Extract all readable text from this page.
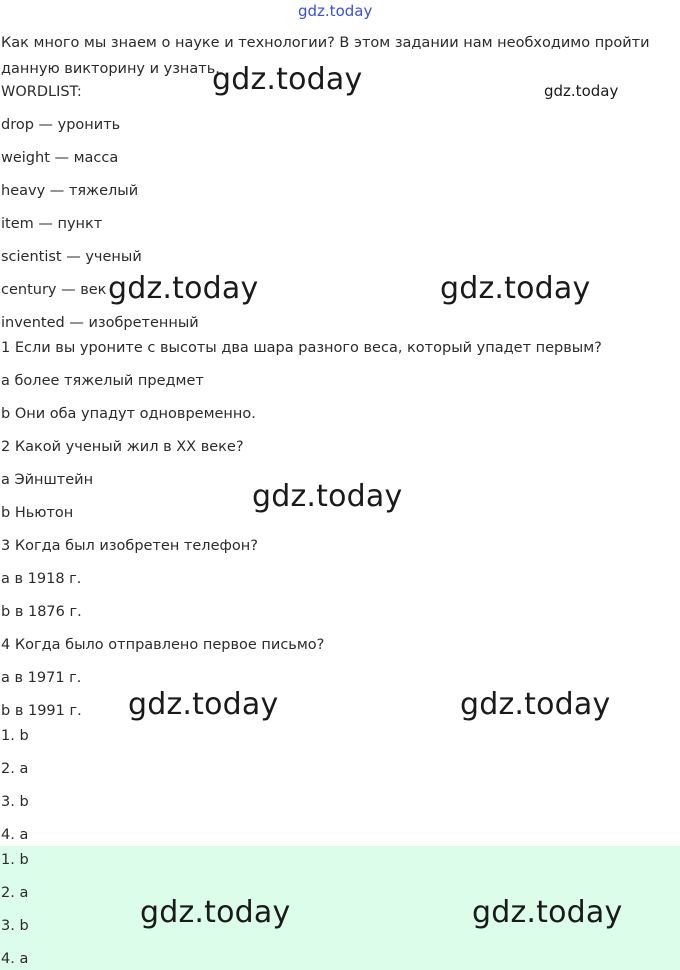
gdz.today
Как много мы знаем о науке и технологии? В этом задании нам необходимо пройти данную викторину и узнать.
WORDLIST:
drop — уронить
weight — масса
heavy — тяжелый
item — пункт
scientist — ученый
century — век
invented — изобретенный
1 Если вы уроните с высоты два шара разного веса, который упадет первым?
a более тяжелый предмет
b Они оба упадут одновременно.
2 Какой ученый жил в XX веке?
a Эйнштейн
b Ньютон
3 Когда был изобретен телефон?
a в 1918 г.
b в 1876 г.
4 Когда было отправлено первое письмо?
a в 1971 г.
b в 1991 г.
1. b
2. a
3. b
4. a
1. b
2. a
3. b
4. a
gdz.today	gdz.today
gdz.today	gdz.today
gdz.today
gdz.today	gdz.today
gdz.today	gdz.today
